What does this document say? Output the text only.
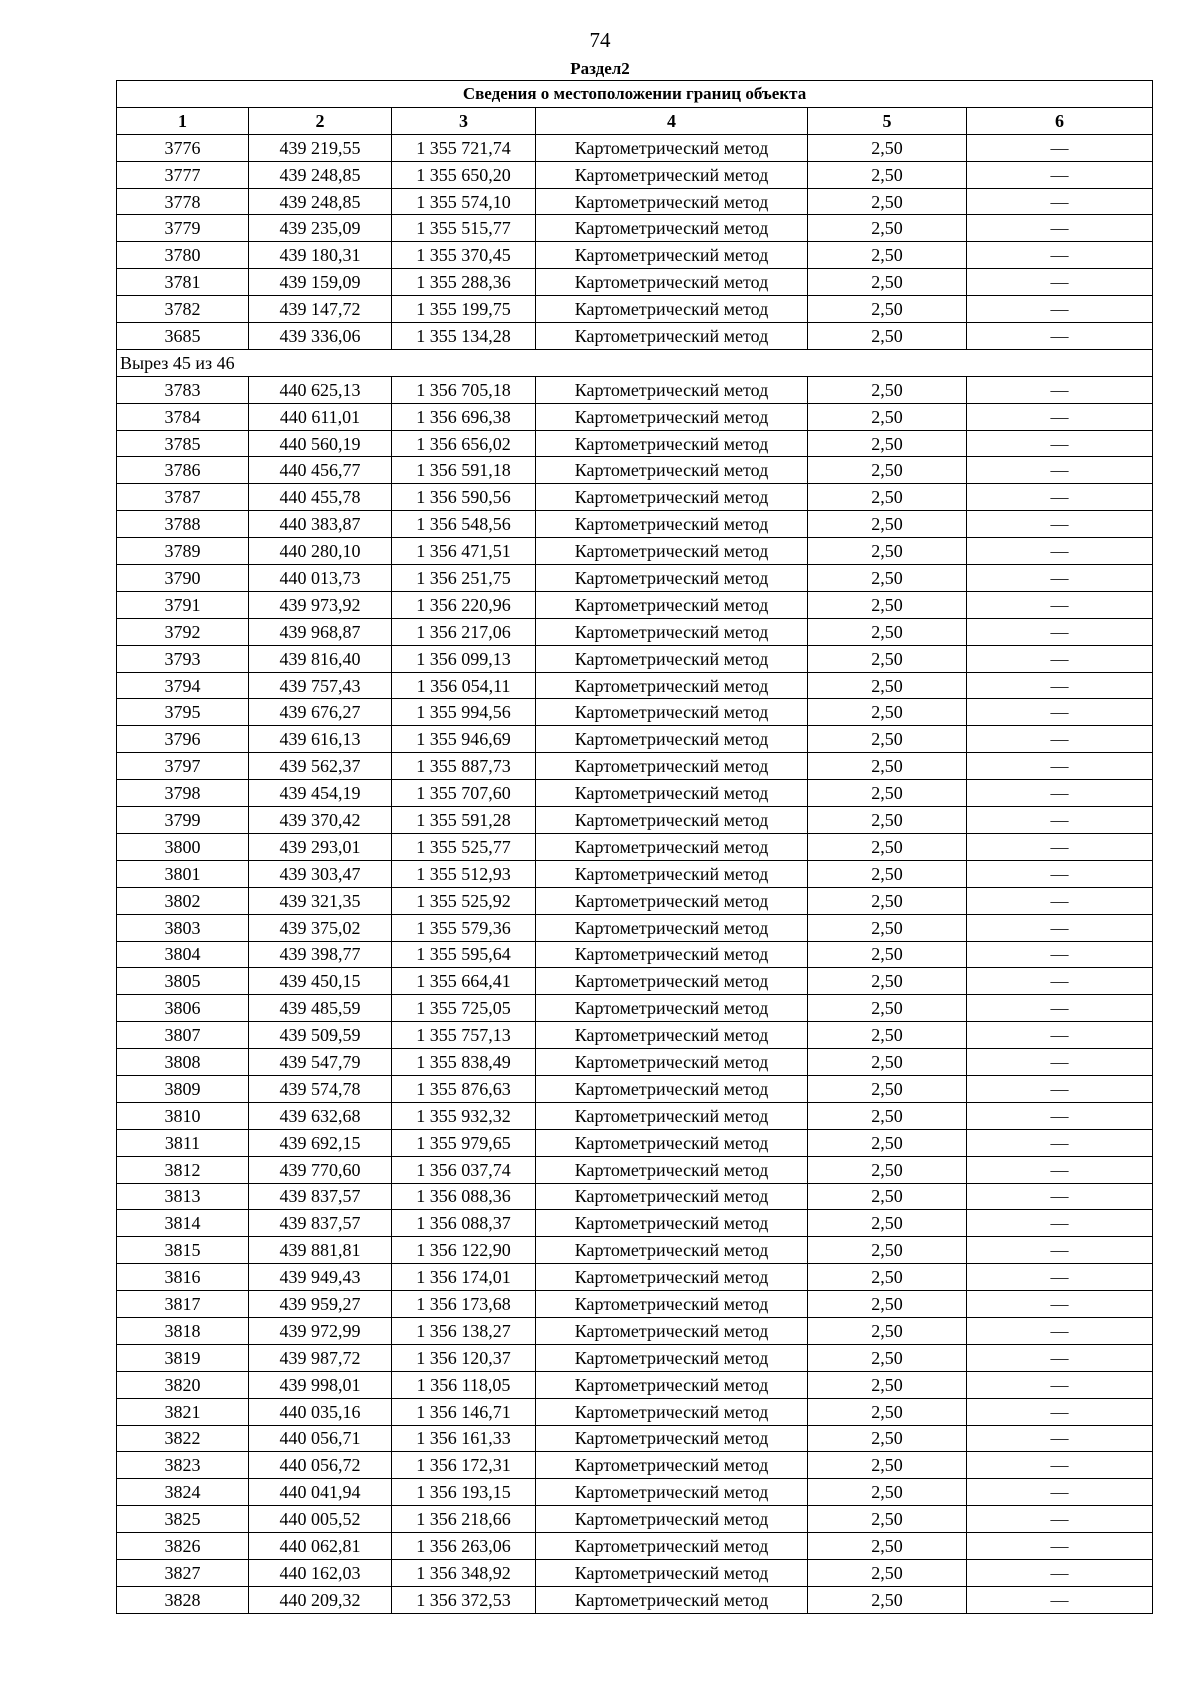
74
Раздел2
Сведения о местоположении границ объекта					
1	2	3	4	5	6
3776	439 219,55	1 355 721,74	Картометрический метод	2,50	—
3777	439 248,85	1 355 650,20	Картометрический метод	2,50	—
3778	439 248,85	1 355 574,10	Картометрический метод	2,50	—
3779	439 235,09	1 355 515,77	Картометрический метод	2,50	—
3780	439 180,31	1 355 370,45	Картометрический метод	2,50	—
3781	439 159,09	1 355 288,36	Картометрический метод	2,50	—
3782	439 147,72	1 355 199,75	Картометрический метод	2,50	—
3685	439 336,06	1 355 134,28	Картометрический метод	2,50	—
Вырез 45 из 46					
3783	440 625,13	1 356 705,18	Картометрический метод	2,50	—
3784	440 611,01	1 356 696,38	Картометрический метод	2,50	—
3785	440 560,19	1 356 656,02	Картометрический метод	2,50	—
3786	440 456,77	1 356 591,18	Картометрический метод	2,50	—
3787	440 455,78	1 356 590,56	Картометрический метод	2,50	—
3788	440 383,87	1 356 548,56	Картометрический метод	2,50	—
3789	440 280,10	1 356 471,51	Картометрический метод	2,50	—
3790	440 013,73	1 356 251,75	Картометрический метод	2,50	—
3791	439 973,92	1 356 220,96	Картометрический метод	2,50	—
3792	439 968,87	1 356 217,06	Картометрический метод	2,50	—
3793	439 816,40	1 356 099,13	Картометрический метод	2,50	—
3794	439 757,43	1 356 054,11	Картометрический метод	2,50	—
3795	439 676,27	1 355 994,56	Картометрический метод	2,50	—
3796	439 616,13	1 355 946,69	Картометрический метод	2,50	—
3797	439 562,37	1 355 887,73	Картометрический метод	2,50	—
3798	439 454,19	1 355 707,60	Картометрический метод	2,50	—
3799	439 370,42	1 355 591,28	Картометрический метод	2,50	—
3800	439 293,01	1 355 525,77	Картометрический метод	2,50	—
3801	439 303,47	1 355 512,93	Картометрический метод	2,50	—
3802	439 321,35	1 355 525,92	Картометрический метод	2,50	—
3803	439 375,02	1 355 579,36	Картометрический метод	2,50	—
3804	439 398,77	1 355 595,64	Картометрический метод	2,50	—
3805	439 450,15	1 355 664,41	Картометрический метод	2,50	—
3806	439 485,59	1 355 725,05	Картометрический метод	2,50	—
3807	439 509,59	1 355 757,13	Картометрический метод	2,50	—
3808	439 547,79	1 355 838,49	Картометрический метод	2,50	—
3809	439 574,78	1 355 876,63	Картометрический метод	2,50	—
3810	439 632,68	1 355 932,32	Картометрический метод	2,50	—
3811	439 692,15	1 355 979,65	Картометрический метод	2,50	—
3812	439 770,60	1 356 037,74	Картометрический метод	2,50	—
3813	439 837,57	1 356 088,36	Картометрический метод	2,50	—
3814	439 837,57	1 356 088,37	Картометрический метод	2,50	—
3815	439 881,81	1 356 122,90	Картометрический метод	2,50	—
3816	439 949,43	1 356 174,01	Картометрический метод	2,50	—
3817	439 959,27	1 356 173,68	Картометрический метод	2,50	—
3818	439 972,99	1 356 138,27	Картометрический метод	2,50	—
3819	439 987,72	1 356 120,37	Картометрический метод	2,50	—
3820	439 998,01	1 356 118,05	Картометрический метод	2,50	—
3821	440 035,16	1 356 146,71	Картометрический метод	2,50	—
3822	440 056,71	1 356 161,33	Картометрический метод	2,50	—
3823	440 056,72	1 356 172,31	Картометрический метод	2,50	—
3824	440 041,94	1 356 193,15	Картометрический метод	2,50	—
3825	440 005,52	1 356 218,66	Картометрический метод	2,50	—
3826	440 062,81	1 356 263,06	Картометрический метод	2,50	—
3827	440 162,03	1 356 348,92	Картометрический метод	2,50	—
3828	440 209,32	1 356 372,53	Картометрический метод	2,50	—
